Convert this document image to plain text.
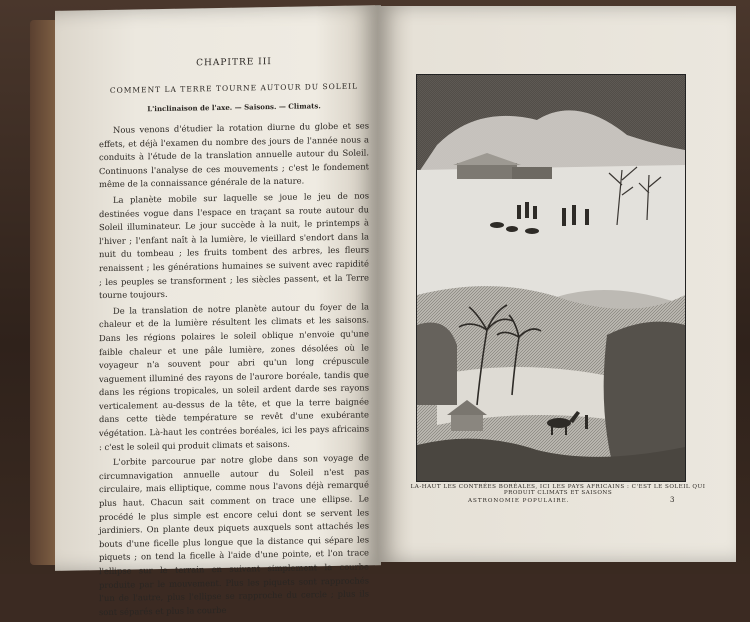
CHAPITRE III
COMMENT LA TERRE TOURNE AUTOUR DU SOLEIL
L'inclinaison de l'axe. — Saisons. — Climats.

Nous venons d'étudier la rotation diurne du globe et ses effets, et déjà l'examen du nombre des jours de l'année nous a conduits à l'étude de la translation annuelle autour du Soleil. Continuons l'analyse de ces mouvements ; c'est le fondement même de la connaissance générale de la nature.

La planète mobile sur laquelle se joue le jeu de nos destinées vogue dans l'espace en traçant sa route autour du Soleil illuminateur. Le jour succède à la nuit, le printemps à l'hiver ; l'enfant naît à la lumière, le vieillard s'endort dans la nuit du tombeau ; les fruits tombent des arbres, les fleurs renaissent ; les générations humaines se suivent avec rapidité ; les peuples se transforment ; les siècles passent, et la Terre tourne toujours.

De la translation de notre planète autour du foyer de la chaleur et de la lumière résultent les climats et les saisons. Dans les régions polaires le soleil oblique n'envoie qu'une faible chaleur et une pâle lumière, zones désolées où le voyageur n'a souvent pour abri qu'un long crépuscule vaguement illuminé des rayons de l'aurore boréale, tandis que dans les régions tropicales, un soleil ardent darde ses rayons verticalement au-dessus de la tête, et que la terre baignée dans cette tiède température se revêt d'une exubérante végétation. Là-haut les contrées boréales, ici les pays africains : c'est le soleil qui produit climats et saisons.

L'orbite parcourue par notre globe dans son voyage de circumnavigation annuelle autour du Soleil n'est pas circulaire, mais elliptique, comme nous l'avons déjà remarqué plus haut. Chacun sait comment on trace une ellipse. Le procédé le plus simple est encore celui dont se servent les jardiniers. On plante deux piquets auxquels sont attachés les bouts d'une ficelle plus longue que la distance qui sépare les piquets ; on tend la ficelle à l'aide d'une pointe, et l'on trace l'ellipse sur le terrain en suivant simplement la courbe produite par le mouvement. Plus les piquets sont rapprochés l'un de l'autre, plus l'ellipse se rapproche du cercle ; plus ils sont séparés et plus la courbe

LA-HAUT LES CONTRÉES BORÉALES, ICI LES PAYS AFRICAINS : C'EST LE SOLEIL QUI PRODUIT CLIMATS ET SAISONS
ASTRONOMIE POPULAIRE.	3
